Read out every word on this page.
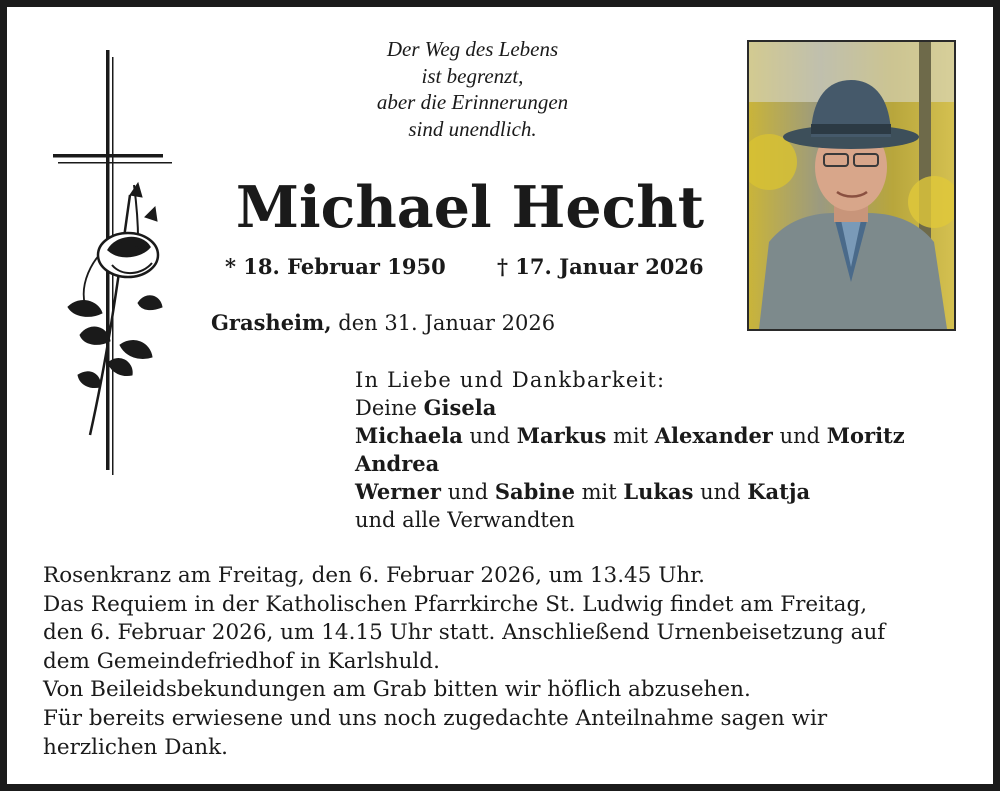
Der Weg des Lebens
ist begrenzt,
aber die Erinnerungen
sind unendlich.
Michael Hecht
* 18. Februar 1950 † 17. Januar 2026
Grasheim, den 31. Januar 2026
In Liebe und Dankbarkeit:
Deine Gisela
Michaela und Markus mit Alexander und Moritz
Andrea
Werner und Sabine mit Lukas und Katja
und alle Verwandten
Rosenkranz am Freitag, den 6. Februar 2026, um 13.45 Uhr.
Das Requiem in der Katholischen Pfarrkirche St. Ludwig findet am Freitag,
den 6. Februar 2026, um 14.15 Uhr statt. Anschließend Urnenbeisetzung auf
dem Gemeindefriedhof in Karlshuld.
Von Beileidsbekundungen am Grab bitten wir höflich abzusehen.
Für bereits erwiesene und uns noch zugedachte Anteilnahme sagen wir
herzlichen Dank.
